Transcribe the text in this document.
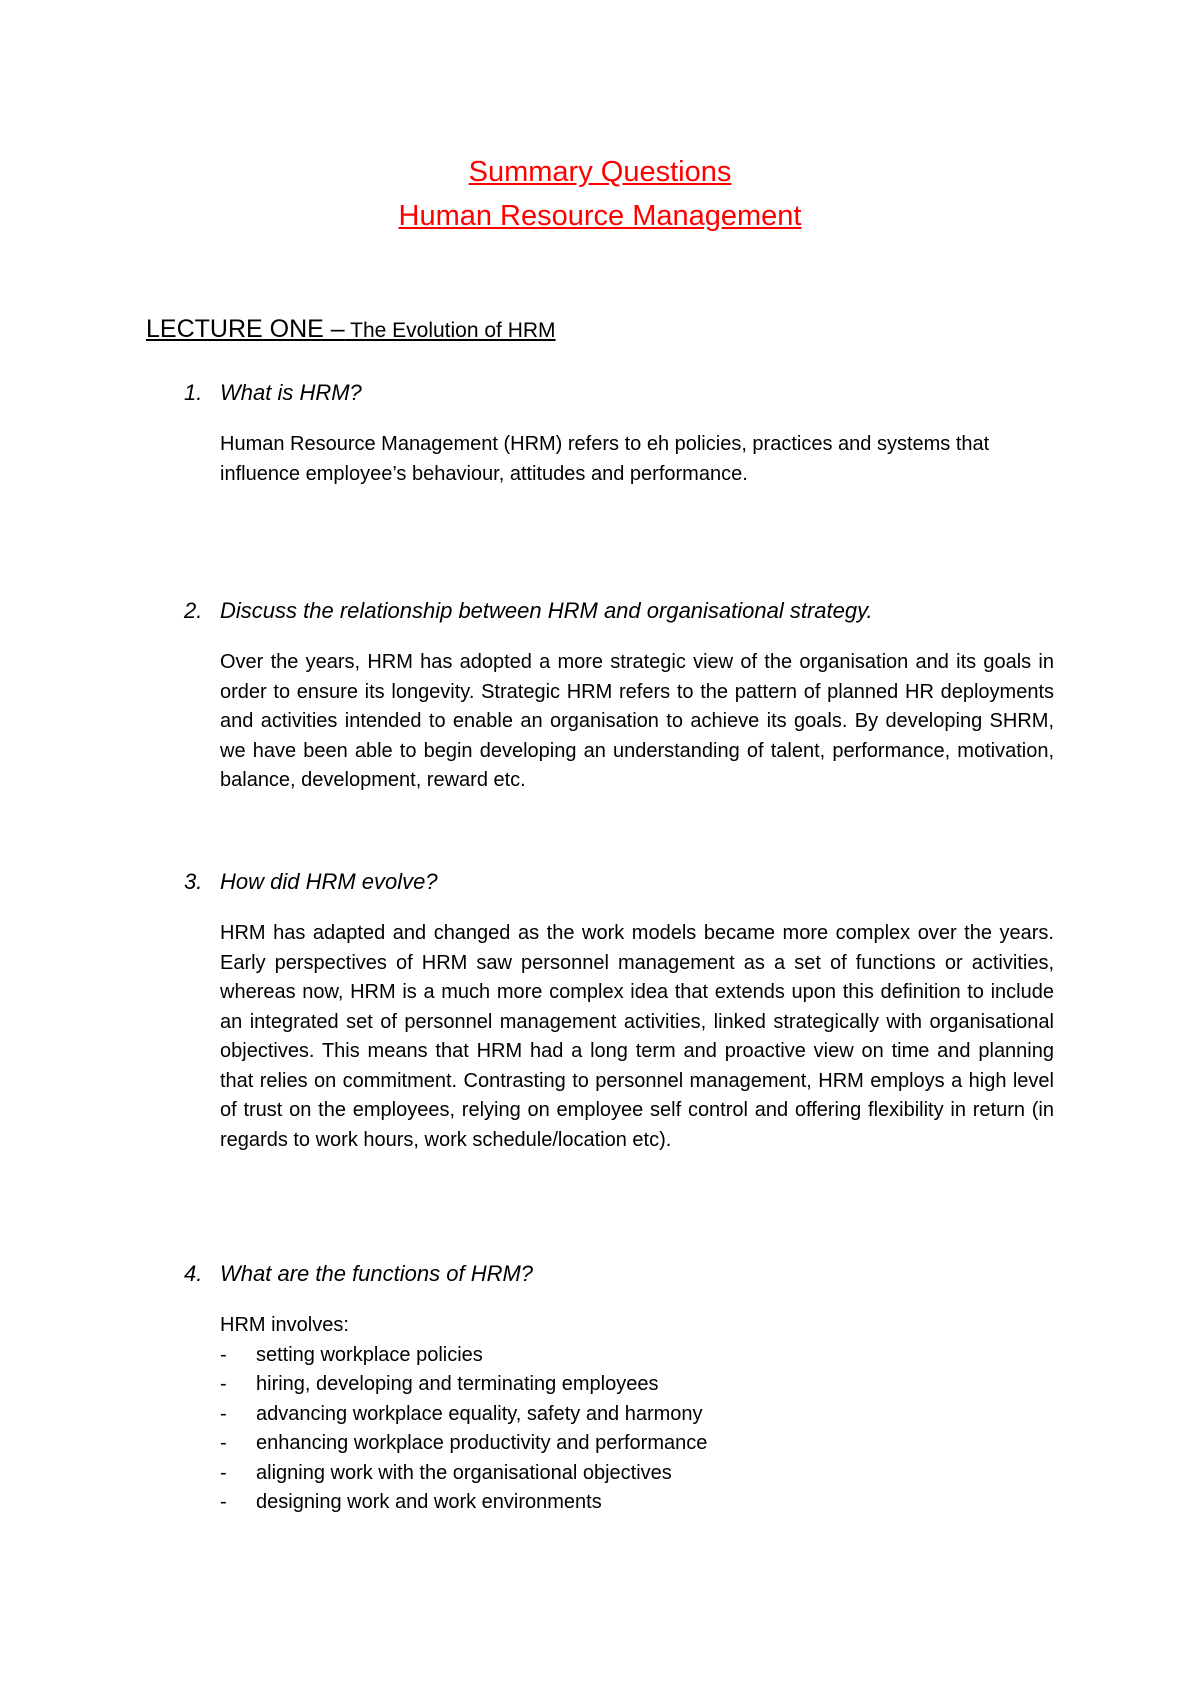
Summary Questions
Human Resource Management
LECTURE ONE – The Evolution of HRM
1. What is HRM?
Human Resource Management (HRM) refers to eh policies, practices and systems that influence employee’s behaviour, attitudes and performance.
2. Discuss the relationship between HRM and organisational strategy.
Over the years, HRM has adopted a more strategic view of the organisation and its goals in order to ensure its longevity. Strategic HRM refers to the pattern of planned HR deployments and activities intended to enable an organisation to achieve its goals. By developing SHRM, we have been able to begin developing an understanding of talent, performance, motivation, balance, development, reward etc.
3. How did HRM evolve?
HRM has adapted and changed as the work models became more complex over the years. Early perspectives of HRM saw personnel management as a set of functions or activities, whereas now, HRM is a much more complex idea that extends upon this definition to include an integrated set of personnel management activities, linked strategically with organisational objectives. This means that HRM had a long term and proactive view on time and planning that relies on commitment. Contrasting to personnel management, HRM employs a high level of trust on the employees, relying on employee self control and offering flexibility in return (in regards to work hours, work schedule/location etc).
4. What are the functions of HRM?
HRM involves:
- setting workplace policies
- hiring, developing and terminating employees
- advancing workplace equality, safety and harmony
- enhancing workplace productivity and performance
- aligning work with the organisational objectives
- designing work and work environments
